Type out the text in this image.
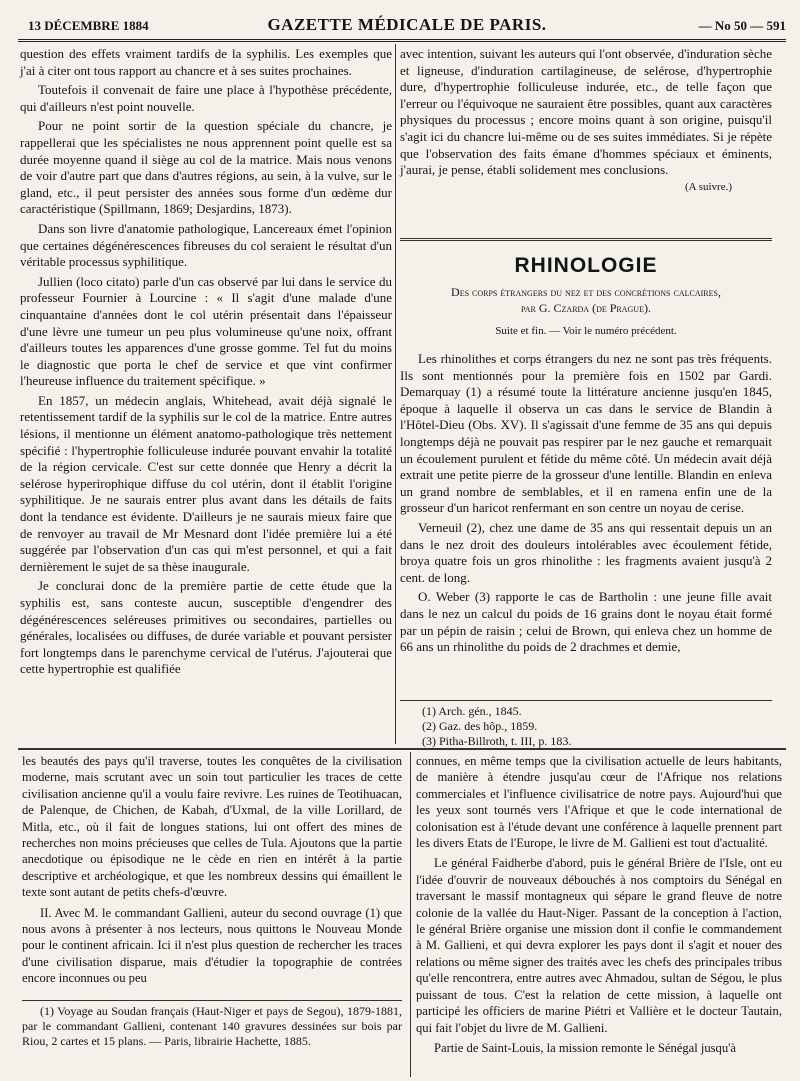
13 DÉCEMBRE 1884	GAZETTE MÉDICALE DE PARIS.	— No 50 — 591

question des effets vraiment tardifs de la syphilis. Les exemples que j'ai à citer ont tous rapport au chancre et à ses suites prochaines.

Toutefois il convenait de faire une place à l'hypothèse précédente, qui d'ailleurs n'est point nouvelle.

Pour ne point sortir de la question spéciale du chancre, je rappellerai que les spécialistes ne nous apprennent point quelle est sa durée moyenne quand il siège au col de la matrice. Mais nous venons de voir d'autre part que dans d'autres régions, au sein, à la vulve, sur le gland, etc., il peut persister des années sous forme d'un œdème dur caractéristique (Spillmann, 1869; Desjardins, 1873).

Dans son livre d'anatomie pathologique, Lancereaux émet l'opinion que certaines dégénérescences fibreuses du col seraient le résultat d'un véritable processus syphilitique.

Jullien (loco citato) parle d'un cas observé par lui dans le service du professeur Fournier à Lourcine : « Il s'agit d'une malade d'une cinquantaine d'années dont le col utérin présentait dans l'épaisseur d'une lèvre une tumeur un peu plus volumineuse qu'une noix, offrant d'ailleurs toutes les apparences d'une grosse gomme. Tel fut du moins le diagnostic que porta le chef de service et que vint confirmer l'heureuse influence du traitement spécifique. »

En 1857, un médecin anglais, Whitehead, avait déjà signalé le retentissement tardif de la syphilis sur le col de la matrice. Entre autres lésions, il mentionne un élément anatomo-pathologique très nettement spécifié : l'hypertrophie folliculeuse indurée pouvant envahir la totalité de la région cervicale. C'est sur cette donnée que Henry a décrit la selérose hyperirophique diffuse du col utérin, dont il établit l'origine syphilitique. Je ne saurais entrer plus avant dans les détails de faits dont la tendance est évidente. D'ailleurs je ne saurais mieux faire que de renvoyer au travail de Mr Mesnard dont l'idée première lui a été suggérée par l'observation d'un cas qui m'est personnel, et qui a fait dernièrement le sujet de sa thèse inaugurale.

Je conclurai donc de la première partie de cette étude que la syphilis est, sans conteste aucun, susceptible d'engendrer des dégénérescences seléreuses primitives ou secondaires, partielles ou générales, localisées ou diffuses, de durée variable et pouvant persister fort longtemps dans le parenchyme cervical de l'utérus. J'ajouterai que cette hypertrophie est qualifiée

avec intention, suivant les auteurs qui l'ont observée, d'induration sèche et ligneuse, d'induration cartilagineuse, de selérose, d'hypertrophie dure, d'hypertrophie folliculeuse indurée, etc., de telle façon que l'erreur ou l'équivoque ne sauraient être possibles, quant aux caractères physiques du processus ; encore moins quant à son origine, puisqu'il s'agit ici du chancre lui-même ou de ses suites immédiates. Si je répète que l'observation des faits émane d'hommes spéciaux et éminents, j'aurai, je pense, établi solidement mes conclusions.

(A suivre.)

RHINOLOGIE
Des corps étrangers du nez et des concrétions calcaires,
par G. Czarda (de Prague).
Suite et fin. — Voir le numéro précédent.

Les rhinolithes et corps étrangers du nez ne sont pas très fréquents. Ils sont mentionnés pour la première fois en 1502 par Gardi. Demarquay (1) a résumé toute la littérature ancienne jusqu'en 1845, époque à laquelle il observa un cas dans le service de Blandin à l'Hôtel-Dieu (Obs. XV). Il s'agissait d'une femme de 35 ans qui depuis longtemps déjà ne pouvait pas respirer par le nez gauche et remarquait un écoulement purulent et fétide du même côté. Un médecin avait déjà extrait une petite pierre de la grosseur d'une lentille. Blandin en enleva un grand nombre de semblables, et il en ramena enfin une de la grosseur d'un haricot renfermant en son centre un noyau de cerise.

Verneuil (2), chez une dame de 35 ans qui ressentait depuis un an dans le nez droit des douleurs intolérables avec écoulement fétide, broya quatre fois un gros rhinolithe : les fragments avaient jusqu'à 2 cent. de long.

O. Weber (3) rapporte le cas de Bartholin : une jeune fille avait dans le nez un calcul du poids de 16 grains dont le noyau était formé par un pépin de raisin ; celui de Brown, qui enleva chez un homme de 66 ans un rhinolithe du poids de 2 drachmes et demie,

(1) Arch. gén., 1845.
(2) Gaz. des hôp., 1859.
(3) Pitha-Billroth, t. III, p. 183.

les beautés des pays qu'il traverse, toutes les conquêtes de la civilisation moderne, mais scrutant avec un soin tout particulier les traces de cette civilisation ancienne qu'il a voulu faire revivre. Les ruines de Teotihuacan, de Palenque, de Chichen, de Kabah, d'Uxmal, de la ville Lorillard, de Mitla, etc., où il fait de longues stations, lui ont offert des mines de recherches non moins précieuses que celles de Tula. Ajoutons que la partie anecdotique ou épisodique ne le cède en rien en intérêt à la partie descriptive et archéologique, et que les nombreux dessins qui émaillent le texte sont autant de petits chefs-d'œuvre.

II. Avec M. le commandant Gallieni, auteur du second ouvrage (1) que nous avons à présenter à nos lecteurs, nous quittons le Nouveau Monde pour le continent africain. Ici il n'est plus question de rechercher les traces d'une civilisation disparue, mais d'étudier la topographie de contrées encore inconnues ou peu

(1) Voyage au Soudan français (Haut-Niger et pays de Segou), 1879-1881, par le commandant Gallieni, contenant 140 gravures dessinées sur bois par Riou, 2 cartes et 15 plans. — Paris, librairie Hachette, 1885.

connues, en même temps que la civilisation actuelle de leurs habitants, de manière à étendre jusqu'au cœur de l'Afrique nos relations commerciales et l'influence civilisatrice de notre pays. Aujourd'hui que les yeux sont tournés vers l'Afrique et que le code international de colonisation est à l'étude devant une conférence à laquelle prennent part les divers Etats de l'Europe, le livre de M. Gallieni est tout d'actualité.

Le général Faidherbe d'abord, puis le général Brière de l'Isle, ont eu l'idée d'ouvrir de nouveaux débouchés à nos comptoirs du Sénégal en traversant le massif montagneux qui sépare le grand fleuve de notre colonie de la vallée du Haut-Niger. Passant de la conception à l'action, le général Brière organise une mission dont il confie le commandement à M. Gallieni, et qui devra explorer les pays dont il s'agit et nouer des relations ou même signer des traités avec les chefs des principales tribus qu'elle rencontrera, entre autres avec Ahmadou, sultan de Ségou, le plus puissant de tous. C'est la relation de cette mission, à laquelle ont participé les officiers de marine Piétri et Vallière et le docteur Tautain, qui fait l'objet du livre de M. Gallieni.

Partie de Saint-Louis, la mission remonte le Sénégal jusqu'à
